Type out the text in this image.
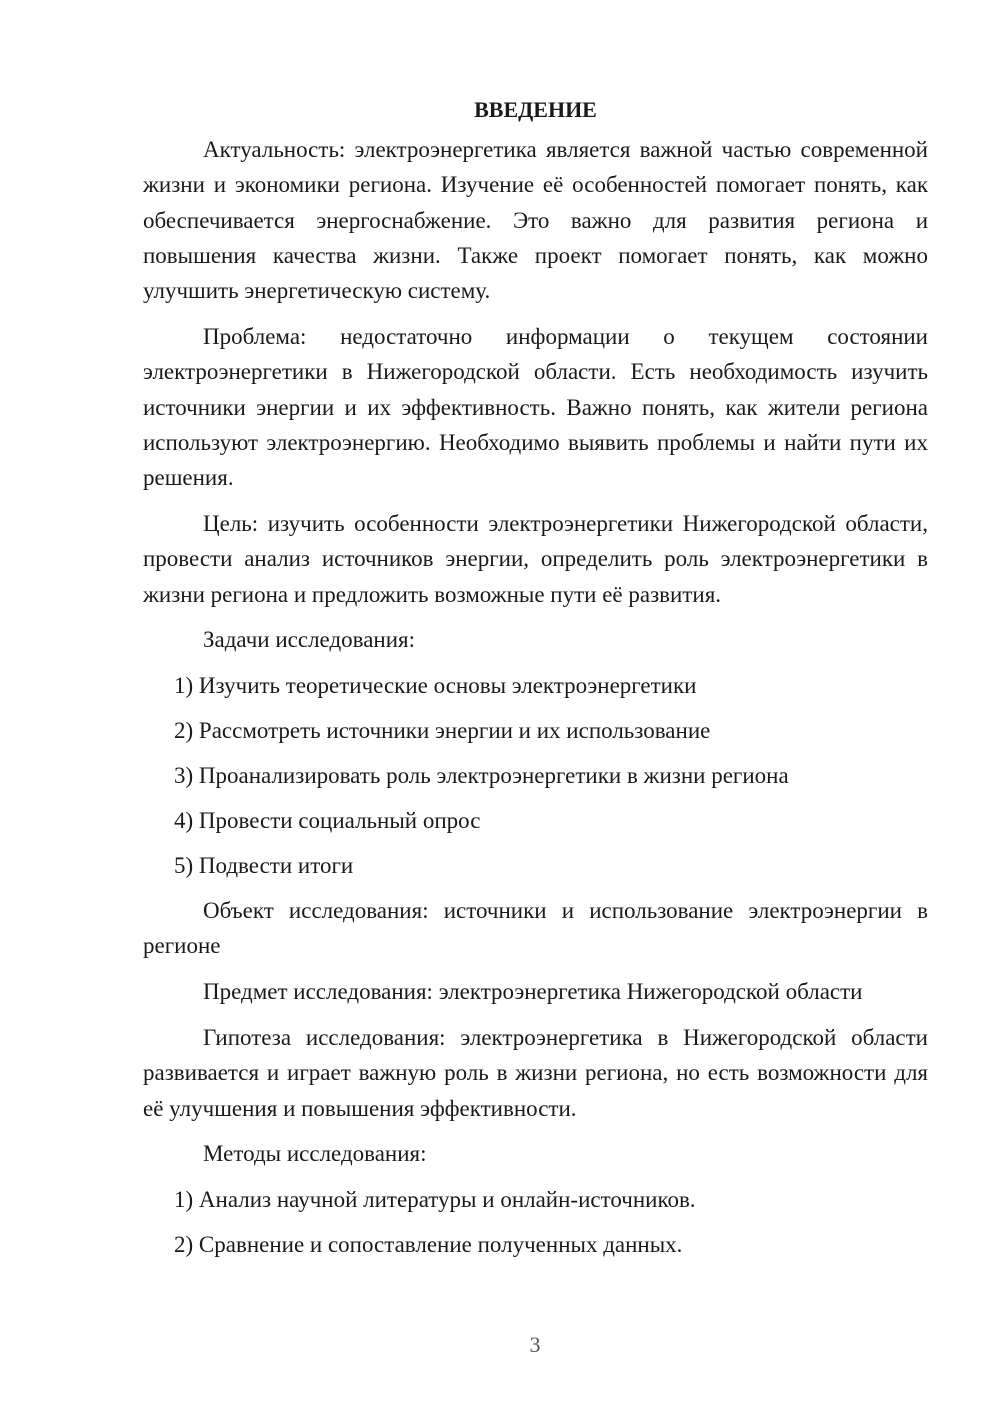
ВВЕДЕНИЕ

Актуальность: электроэнергетика является важной частью современной жизни и экономики региона. Изучение её особенностей помогает понять, как обеспечивается энергоснабжение. Это важно для развития региона и повышения качества жизни. Также проект помогает понять, как можно улучшить энергетическую систему.

Проблема: недостаточно информации о текущем состоянии электроэнергетики в Нижегородской области. Есть необходимость изучить источники энергии и их эффективность. Важно понять, как жители региона используют электроэнергию. Необходимо выявить проблемы и найти пути их решения.

Цель: изучить особенности электроэнергетики Нижегородской области, провести анализ источников энергии, определить роль электроэнергетики в жизни региона и предложить возможные пути её развития.

Задачи исследования:

1) Изучить теоретические основы электроэнергетики
2) Рассмотреть источники энергии и их использование
3) Проанализировать роль электроэнергетики в жизни региона
4) Провести социальный опрос
5) Подвести итоги

Объект исследования: источники и использование электроэнергии в регионе

Предмет исследования: электроэнергетика Нижегородской области

Гипотеза исследования: электроэнергетика в Нижегородской области развивается и играет важную роль в жизни региона, но есть возможности для её улучшения и повышения эффективности.

Методы исследования:

1) Анализ научной литературы и онлайн-источников.
2) Сравнение и сопоставление полученных данных.
3
